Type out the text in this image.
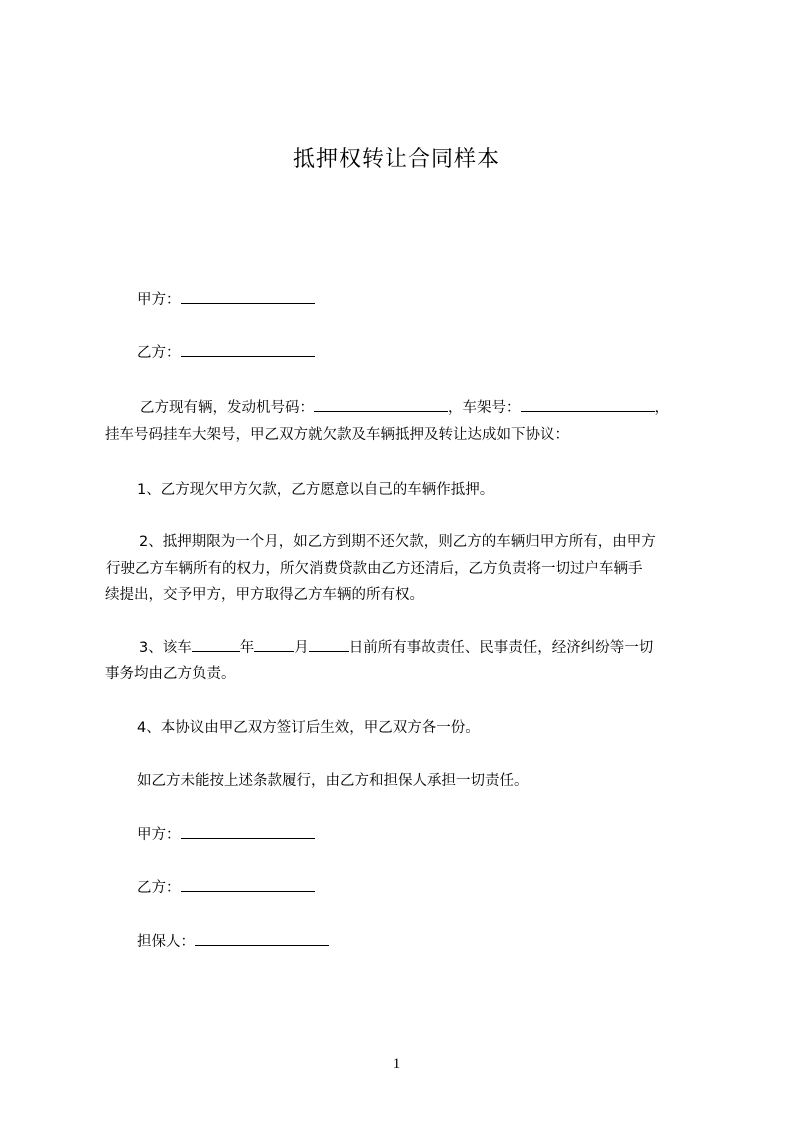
抵押权转让合同样本
甲方：
乙方：
乙方现有辆，发动机号码：	，车架号：	，
挂车号码挂车大架号，甲乙双方就欠款及车辆抵押及转让达成如下协议：
1、乙方现欠甲方欠款，乙方愿意以自己的车辆作抵押。
2、抵押期限为一个月，如乙方到期不还欠款，则乙方的车辆归甲方所有，由甲方
行驶乙方车辆所有的权力，所欠消费贷款由乙方还清后，乙方负责将一切过户车辆手
续提出，交予甲方，甲方取得乙方车辆的所有权。
3、该车	年	月	日前所有事故责任、民事责任，经济纠纷等一切
事务均由乙方负责。
4、本协议由甲乙双方签订后生效，甲乙双方各一份。
如乙方未能按上述条款履行，由乙方和担保人承担一切责任。
甲方：
乙方：
担保人：
1
